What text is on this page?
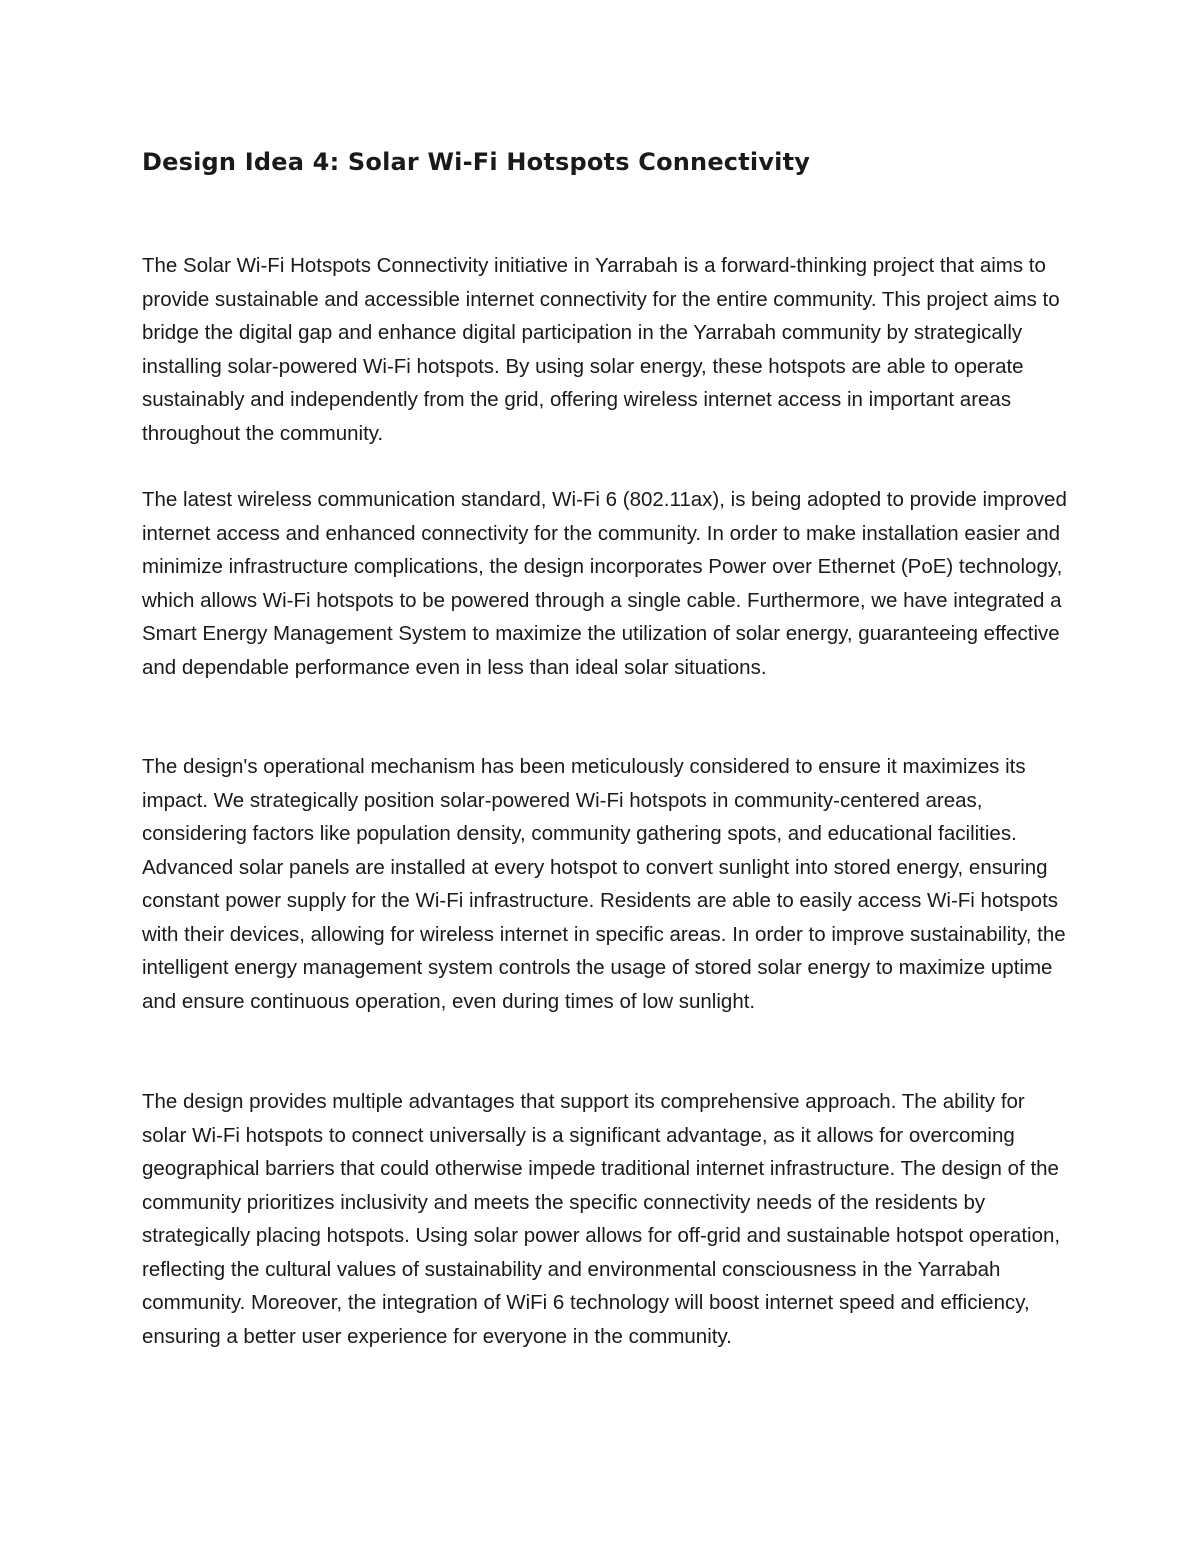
Design Idea 4: Solar Wi-Fi Hotspots Connectivity

The Solar Wi-Fi Hotspots Connectivity initiative in Yarrabah is a forward-thinking project that aims to provide sustainable and accessible internet connectivity for the entire community. This project aims to bridge the digital gap and enhance digital participation in the Yarrabah community by strategically installing solar-powered Wi-Fi hotspots. By using solar energy, these hotspots are able to operate sustainably and independently from the grid, offering wireless internet access in important areas throughout the community.

The latest wireless communication standard, Wi-Fi 6 (802.11ax), is being adopted to provide improved internet access and enhanced connectivity for the community. In order to make installation easier and minimize infrastructure complications, the design incorporates Power over Ethernet (PoE) technology, which allows Wi-Fi hotspots to be powered through a single cable. Furthermore, we have integrated a Smart Energy Management System to maximize the utilization of solar energy, guaranteeing effective and dependable performance even in less than ideal solar situations.

The design's operational mechanism has been meticulously considered to ensure it maximizes its impact. We strategically position solar-powered Wi-Fi hotspots in community-centered areas, considering factors like population density, community gathering spots, and educational facilities. Advanced solar panels are installed at every hotspot to convert sunlight into stored energy, ensuring constant power supply for the Wi-Fi infrastructure. Residents are able to easily access Wi-Fi hotspots with their devices, allowing for wireless internet in specific areas. In order to improve sustainability, the intelligent energy management system controls the usage of stored solar energy to maximize uptime and ensure continuous operation, even during times of low sunlight.

The design provides multiple advantages that support its comprehensive approach. The ability for solar Wi-Fi hotspots to connect universally is a significant advantage, as it allows for overcoming geographical barriers that could otherwise impede traditional internet infrastructure. The design of the community prioritizes inclusivity and meets the specific connectivity needs of the residents by strategically placing hotspots. Using solar power allows for off-grid and sustainable hotspot operation, reflecting the cultural values of sustainability and environmental consciousness in the Yarrabah community. Moreover, the integration of WiFi 6 technology will boost internet speed and efficiency, ensuring a better user experience for everyone in the community.
